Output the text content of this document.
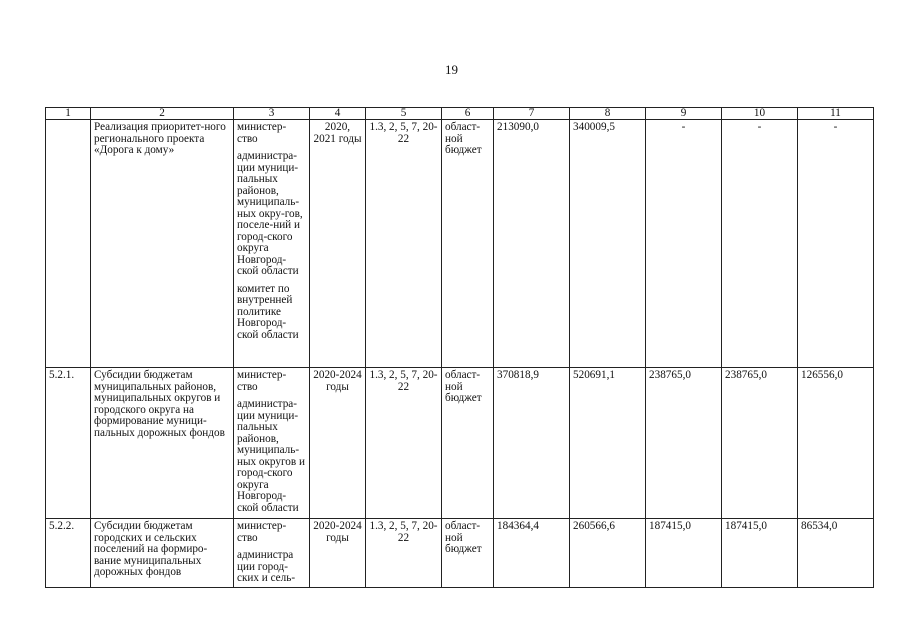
19
1	2	3	4	5	6	7	8	9	10	11
	Реализация приоритет-ного регионального проекта «Дорога к дому»	министер-ство
администра-ции муници-пальных районов, муниципаль-ных окру-гов, поселе-ний и город-ского округа Новгород-ской области
комитет по внутренней политике Новгород-ской области	2020, 2021 годы	1.3, 2, 5, 7, 20-22	област-ной бюджет	213090,0	340009,5	-	-	-
5.2.1.	Субсидии бюджетам муниципальных районов, муниципальных округов и городского округа на формирование муници-пальных дорожных фондов	министер-ство
администра-ции муници-пальных районов, муниципаль-ных округов и город-ского округа Новгород-ской области	2020-2024 годы	1.3, 2, 5, 7, 20-22	област-ной бюджет	370818,9	520691,1	238765,0	238765,0	126556,0
5.2.2.	Субсидии бюджетам городских и сельских поселений на формиро-вание муниципальных дорожных фондов	министер-ство
администра ции город-ских и сель-	2020-2024 годы	1.3, 2, 5, 7, 20-22	област-ной бюджет	184364,4	260566,6	187415,0	187415,0	86534,0
